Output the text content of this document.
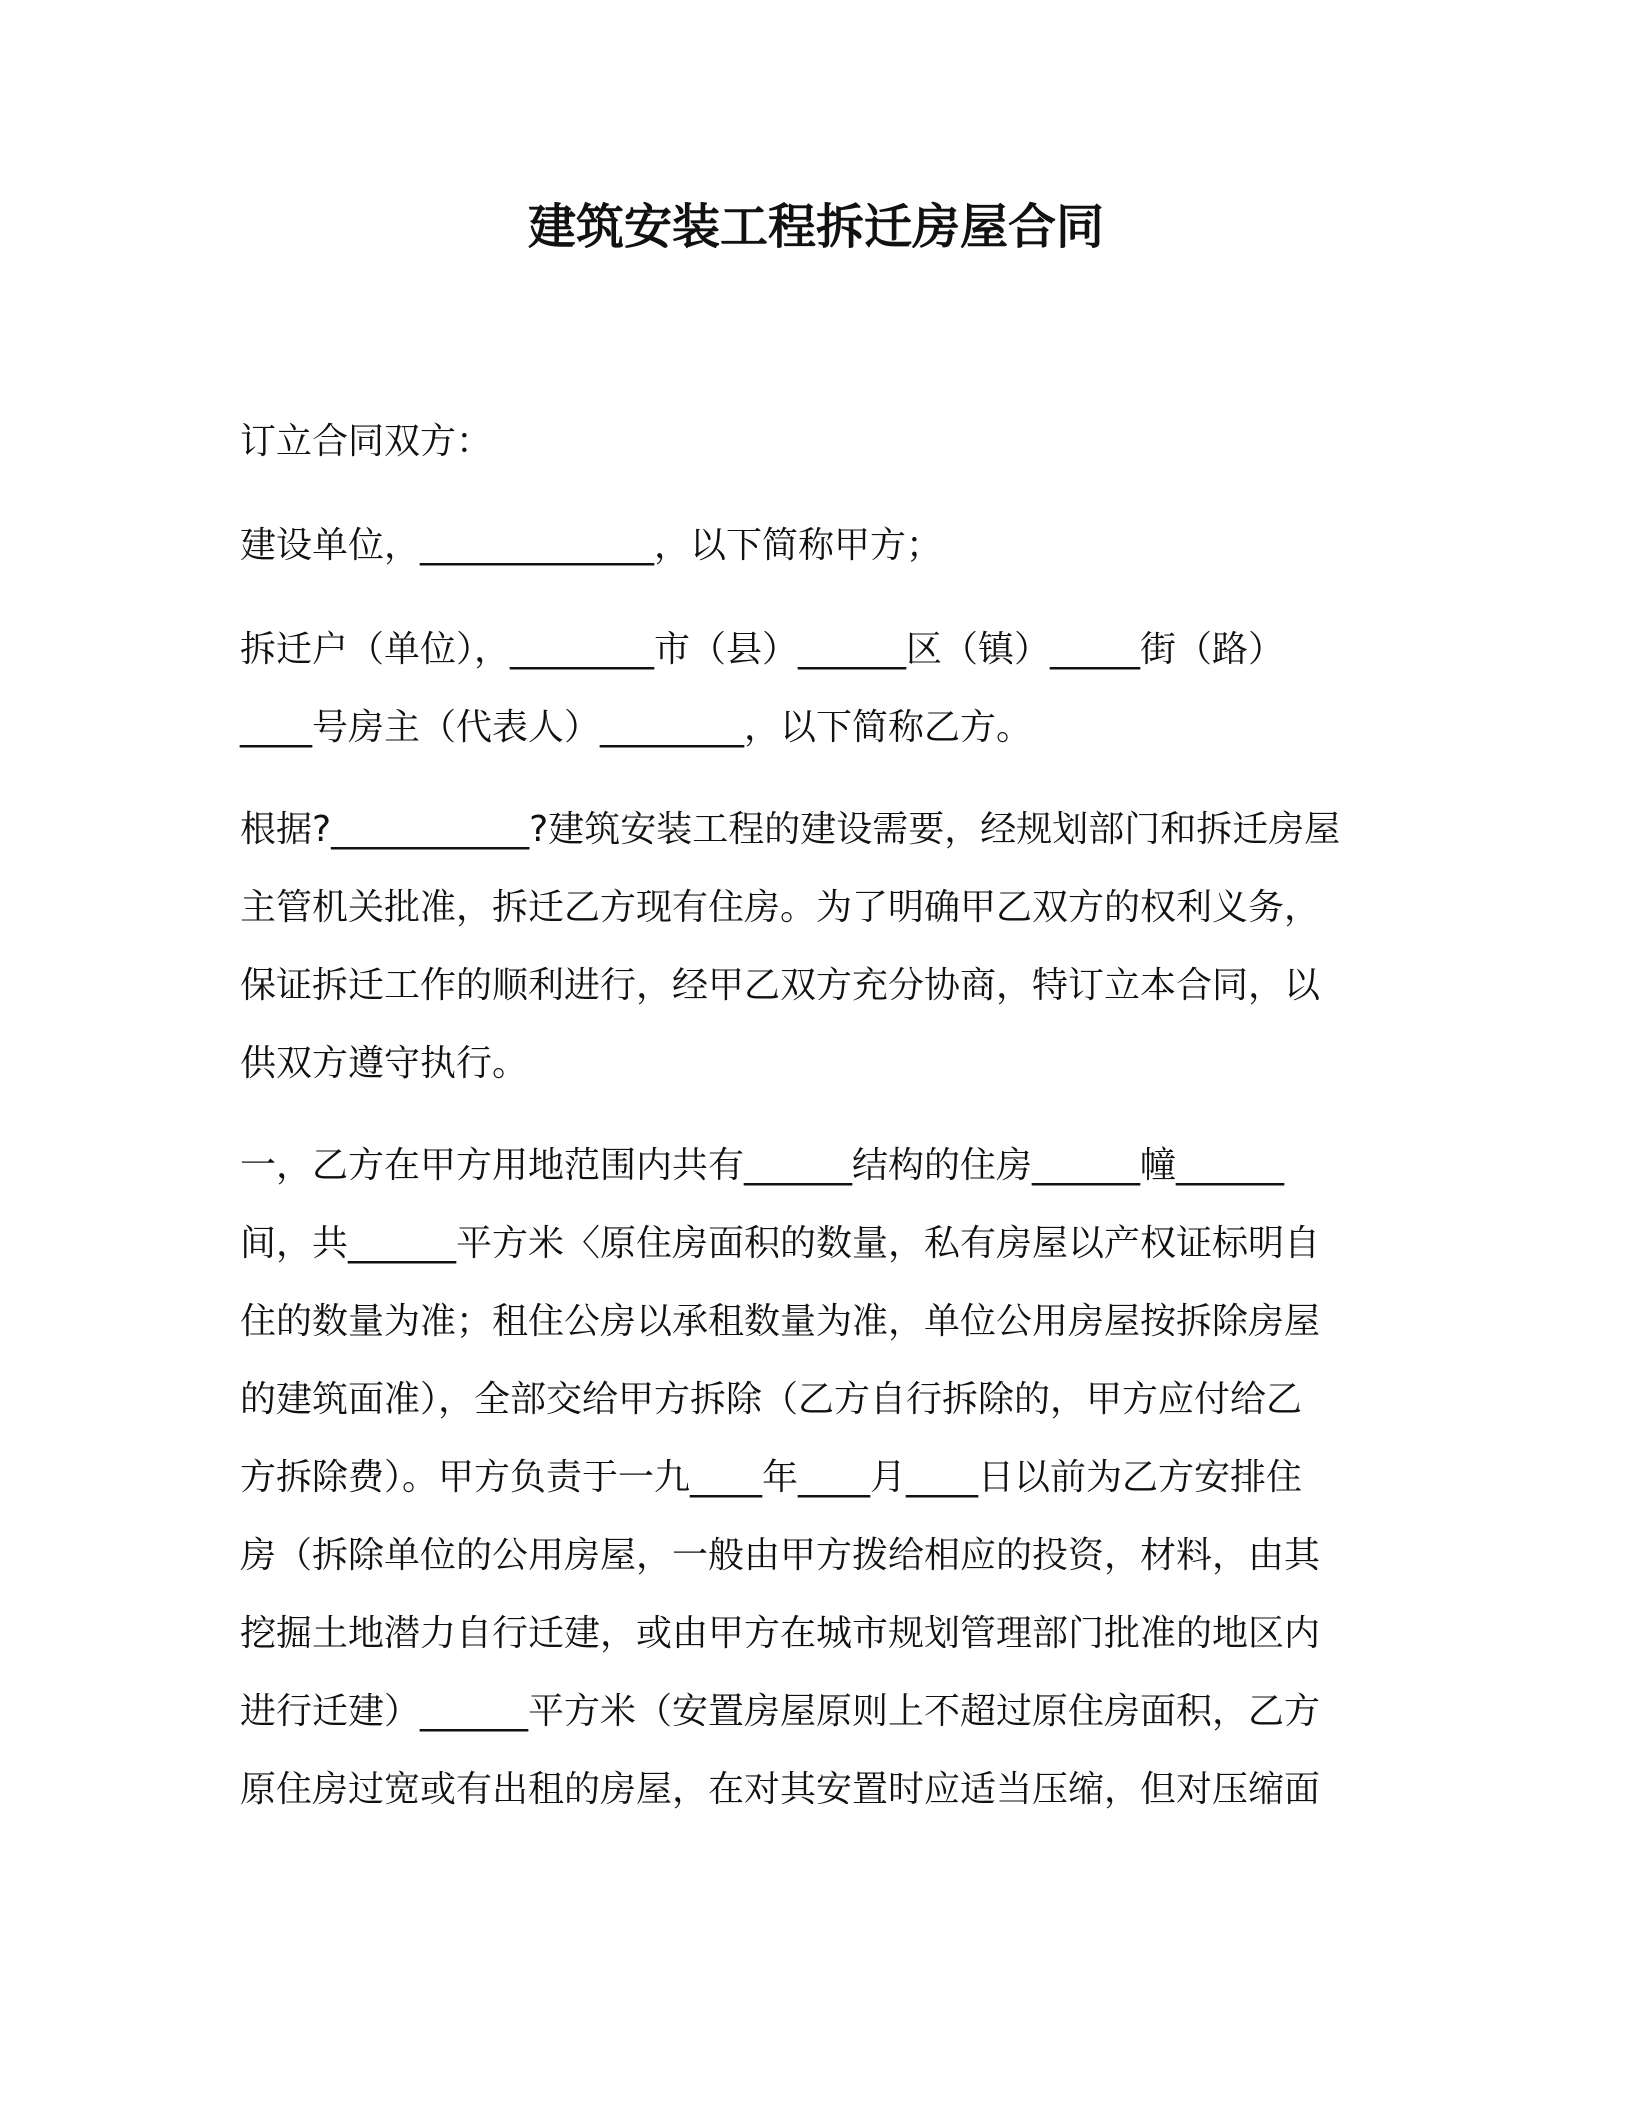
建筑安装工程拆迁房屋合同
订立合同双方：
建设单位，_____________，以下简称甲方；
拆迁户（单位），________市（县）______区（镇）_____街（路）
____号房主（代表人）________，以下简称乙方。
根据?___________?建筑安装工程的建设需要，经规划部门和拆迁房屋
主管机关批准，拆迁乙方现有住房。为了明确甲乙双方的权利义务，
保证拆迁工作的顺利进行，经甲乙双方充分协商，特订立本合同，以
供双方遵守执行。
一，乙方在甲方用地范围内共有______结构的住房______幢______
间，共______平方米〈原住房面积的数量，私有房屋以产权证标明自
住的数量为准；租住公房以承租数量为准，单位公用房屋按拆除房屋
的建筑面准），全部交给甲方拆除（乙方自行拆除的，甲方应付给乙
方拆除费）。甲方负责于一九____年____月____日以前为乙方安排住
房（拆除单位的公用房屋，一般由甲方拨给相应的投资，材料，由其
挖掘土地潜力自行迁建，或由甲方在城市规划管理部门批准的地区内
进行迁建）______平方米（安置房屋原则上不超过原住房面积，乙方
原住房过宽或有出租的房屋，在对其安置时应适当压缩，但对压缩面
